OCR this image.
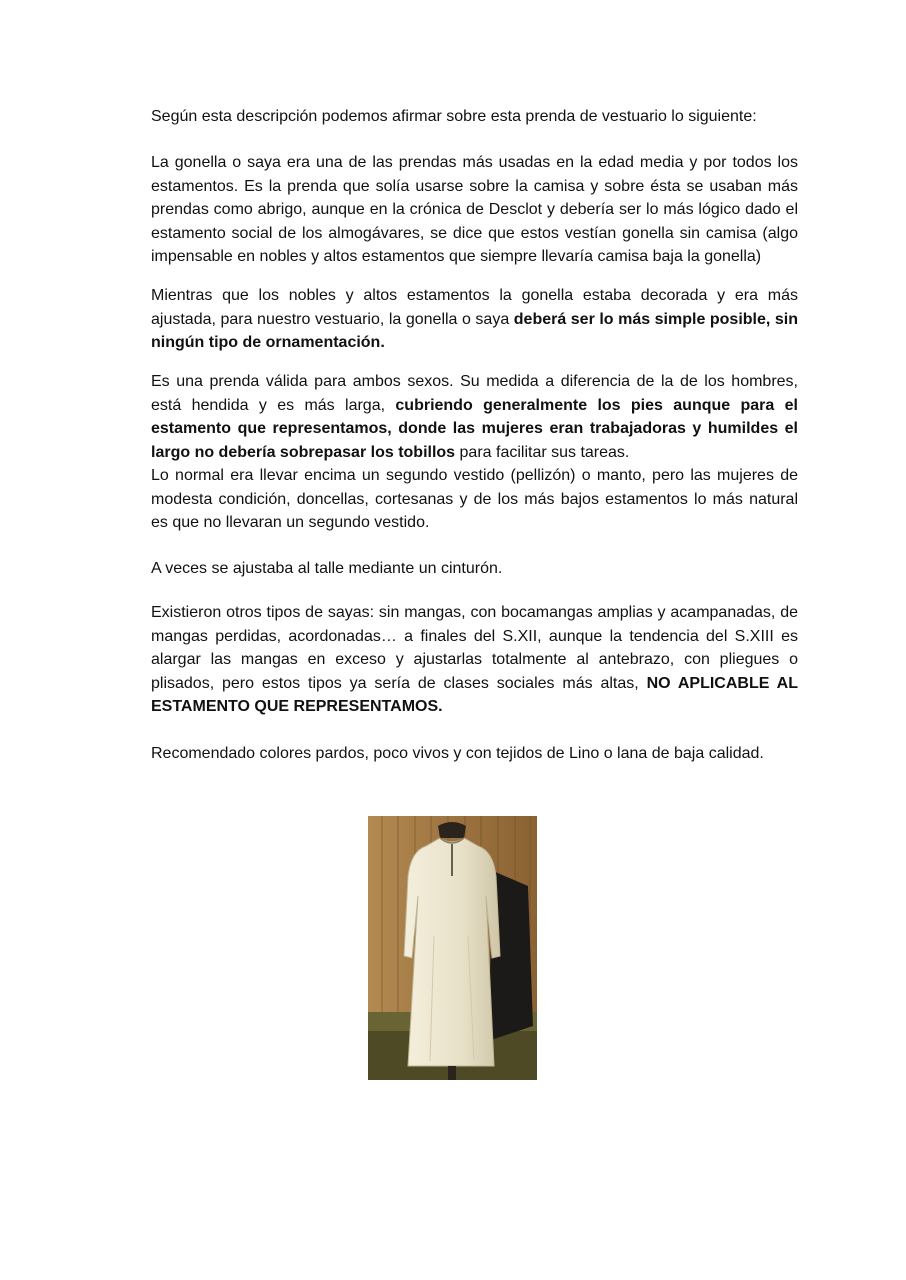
Según esta descripción podemos afirmar sobre esta prenda de vestuario lo siguiente:

La gonella o saya era una de las prendas más usadas en la edad media y por todos los estamentos. Es la prenda que solía usarse sobre la camisa y sobre ésta se usaban más prendas como abrigo, aunque en la crónica de Desclot y debería ser lo más lógico dado el estamento social de los almogávares, se dice que estos vestían gonella sin camisa (algo impensable en nobles y altos estamentos que siempre llevaría camisa baja la gonella)

Mientras que los nobles y altos estamentos la gonella estaba decorada y era más ajustada, para nuestro vestuario, la gonella o saya deberá ser lo más simple posible, sin ningún tipo de ornamentación.

Es una prenda válida para ambos sexos. Su medida a diferencia de la de los hombres, está hendida y es más larga, cubriendo generalmente los pies aunque para el estamento que representamos, donde las mujeres eran trabajadoras y humildes el largo no debería sobrepasar los tobillos para facilitar sus tareas.

Lo normal era llevar encima un segundo vestido (pellizón) o manto, pero las mujeres de modesta condición, doncellas, cortesanas y de los más bajos estamentos lo más natural es que no llevaran un segundo vestido.

A veces se ajustaba al talle mediante un cinturón.

Existieron otros tipos de sayas: sin mangas, con bocamangas amplias y acampanadas, de mangas perdidas, acordonadas… a finales del S.XII, aunque la tendencia del S.XIII es alargar las mangas en exceso y ajustarlas totalmente al antebrazo, con pliegues o plisados, pero estos tipos ya sería de clases sociales más altas, NO APLICABLE AL ESTAMENTO QUE REPRESENTAMOS.

Recomendado colores pardos, poco vivos y con tejidos de Lino o lana de baja calidad.
